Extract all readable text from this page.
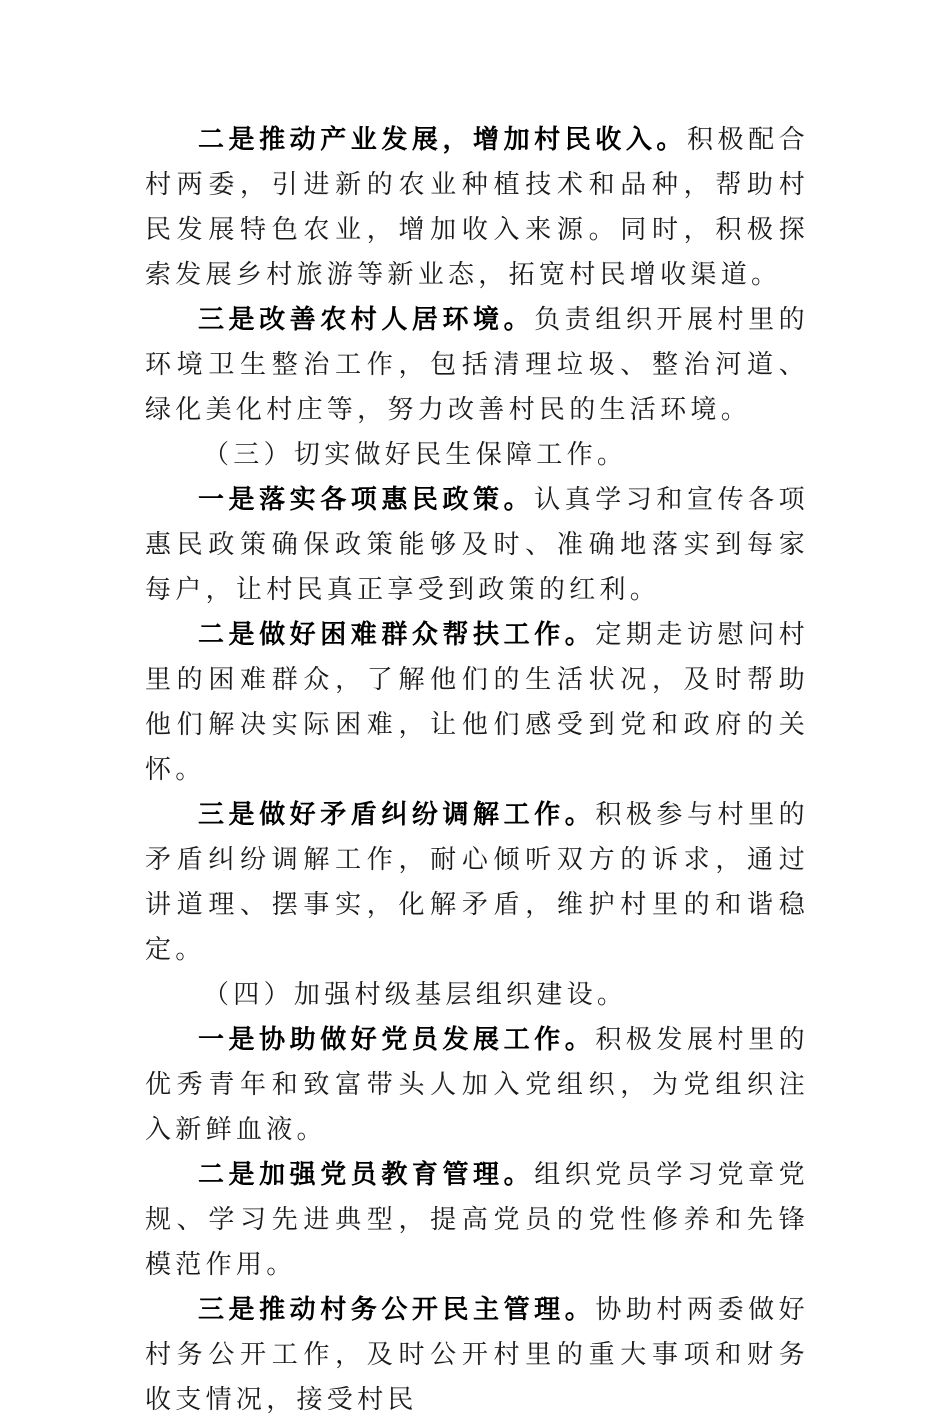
二是推动产业发展，增加村民收入。积极配合村两委，引进新的农业种植技术和品种，帮助村民发展特色农业，增加收入来源。同时，积极探索发展乡村旅游等新业态，拓宽村民增收渠道。

三是改善农村人居环境。负责组织开展村里的环境卫生整治工作，包括清理垃圾、整治河道、绿化美化村庄等，努力改善村民的生活环境。

（三）切实做好民生保障工作。

一是落实各项惠民政策。认真学习和宣传各项惠民政策确保政策能够及时、准确地落实到每家每户，让村民真正享受到政策的红利。

二是做好困难群众帮扶工作。定期走访慰问村里的困难群众，了解他们的生活状况，及时帮助他们解决实际困难，让他们感受到党和政府的关怀。

三是做好矛盾纠纷调解工作。积极参与村里的矛盾纠纷调解工作，耐心倾听双方的诉求，通过讲道理、摆事实，化解矛盾，维护村里的和谐稳定。

（四）加强村级基层组织建设。

一是协助做好党员发展工作。积极发展村里的优秀青年和致富带头人加入党组织，为党组织注入新鲜血液。

二是加强党员教育管理。组织党员学习党章党规、学习先进典型，提高党员的党性修养和先锋模范作用。

三是推动村务公开民主管理。协助村两委做好村务公开工作，及时公开村里的重大事项和财务收支情况，接受村民
